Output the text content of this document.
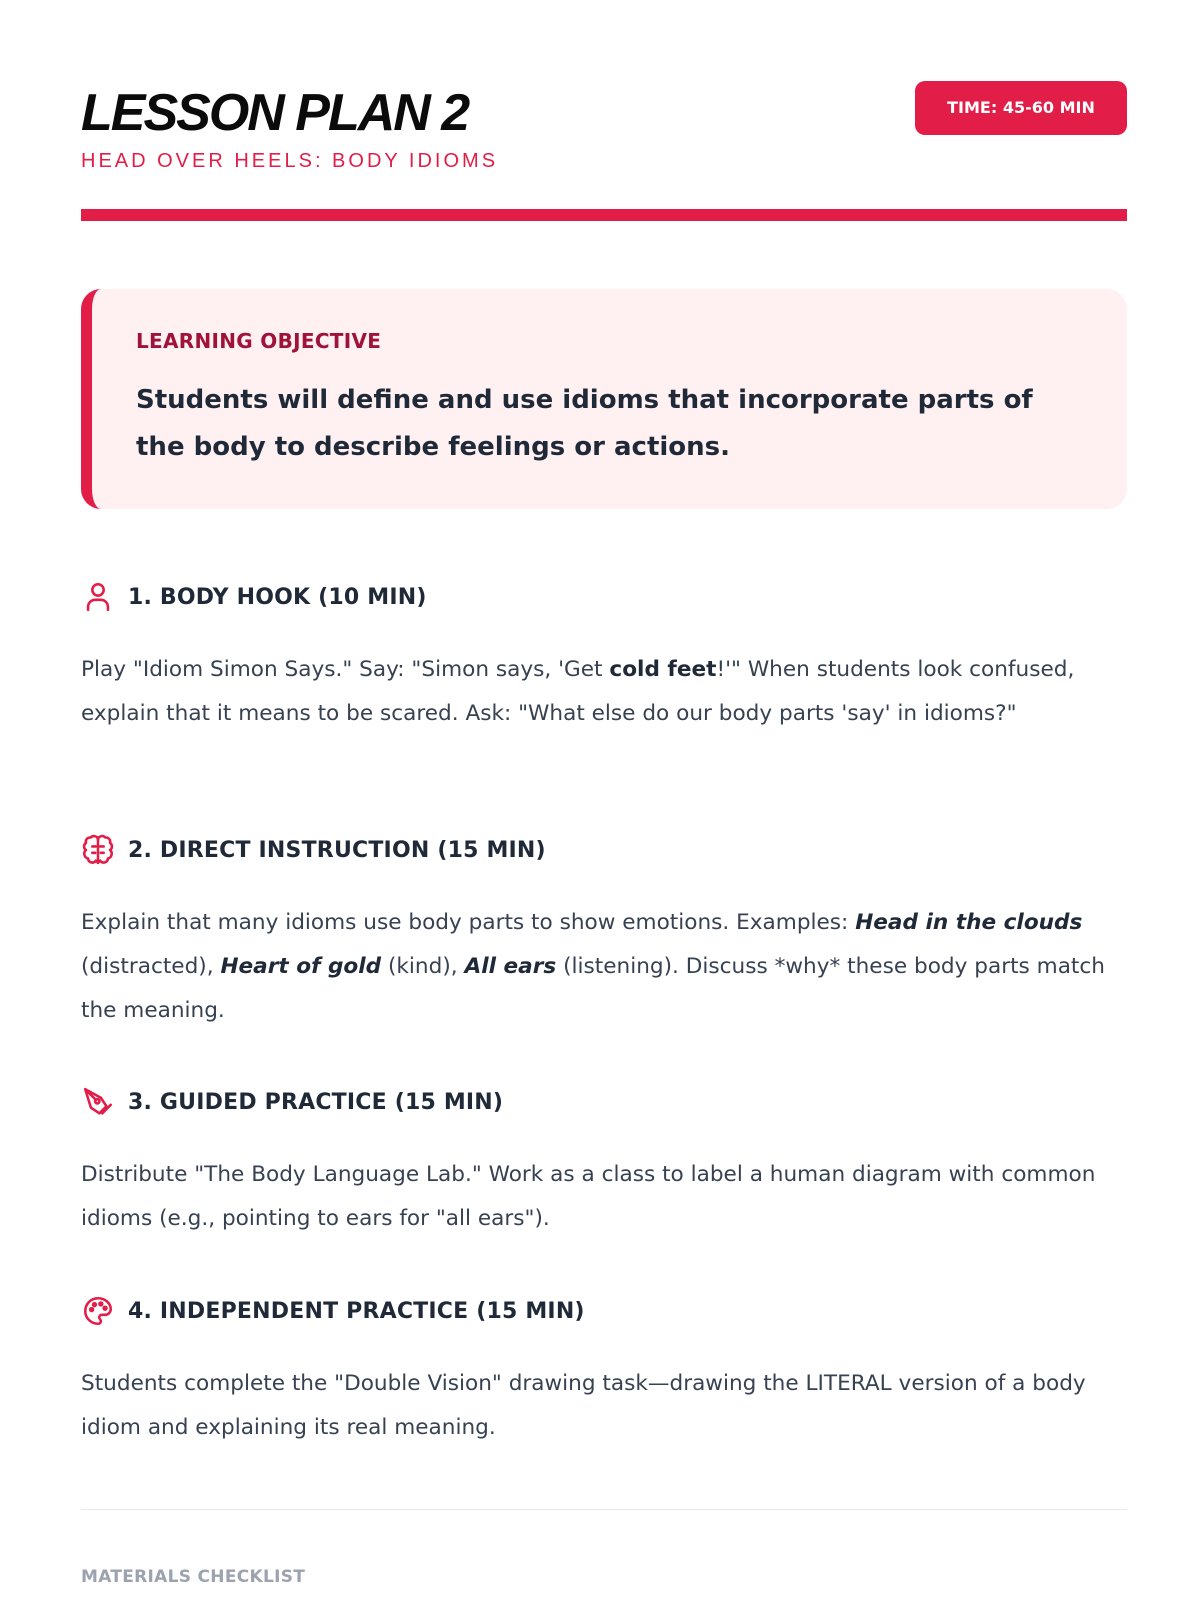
LESSON PLAN 2
HEAD OVER HEELS: BODY IDIOMS
TIME: 45-60 MIN
LEARNING OBJECTIVE
Students will define and use idioms that incorporate parts of the body to describe feelings or actions.
1. BODY HOOK (10 MIN)

Play "Idiom Simon Says." Say: "Simon says, 'Get cold feet!'" When students look confused, explain that it means to be scared. Ask: "What else do our body parts 'say' in idioms?"

2. DIRECT INSTRUCTION (15 MIN)

Explain that many idioms use body parts to show emotions. Examples: Head in the clouds (distracted), Heart of gold (kind), All ears (listening). Discuss *why* these body parts match the meaning.

3. GUIDED PRACTICE (15 MIN)

Distribute "The Body Language Lab." Work as a class to label a human diagram with common idioms (e.g., pointing to ears for "all ears").

4. INDEPENDENT PRACTICE (15 MIN)

Students complete the "Double Vision" drawing task—drawing the LITERAL version of a body idiom and explaining its real meaning.

MATERIALS CHECKLIST
